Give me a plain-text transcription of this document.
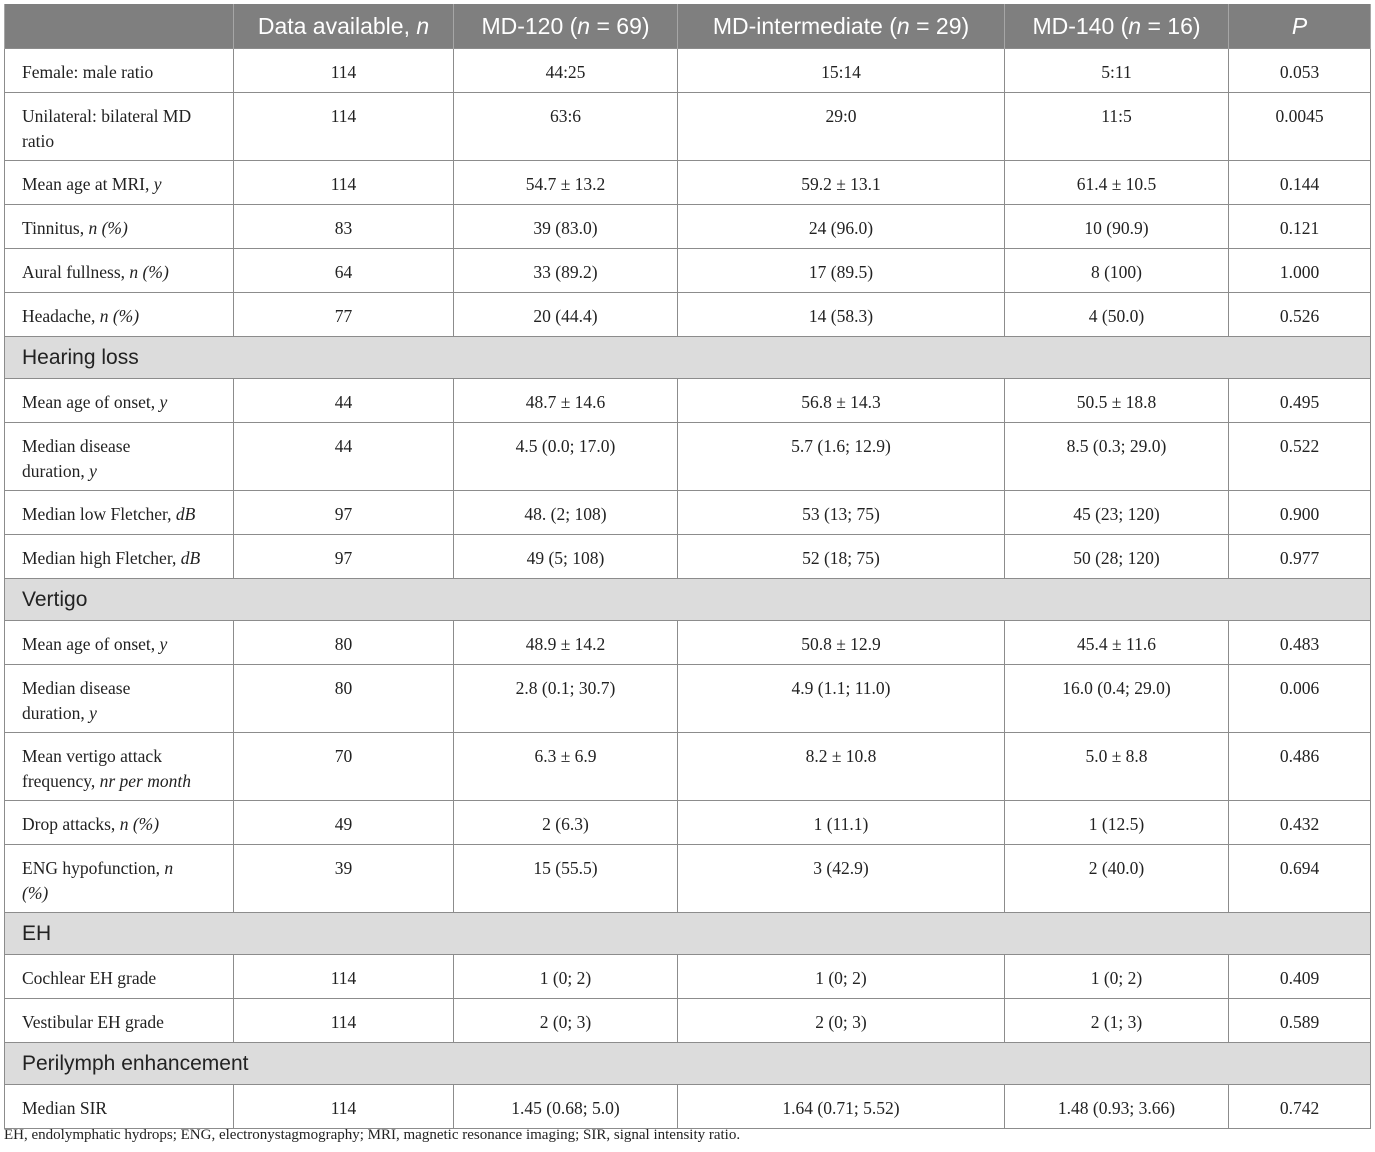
	Data available, n	MD-120 (n = 69)	MD-intermediate (n = 29)	MD-140 (n = 16)	P
Female: male ratio	114	44:25	15:14	5:11	0.053
Unilateral: bilateral MD
ratio	114	63:6	29:0	11:5	0.0045
Mean age at MRI, y	114	54.7 ± 13.2	59.2 ± 13.1	61.4 ± 10.5	0.144
Tinnitus, n (%)	83	39 (83.0)	24 (96.0)	10 (90.9)	0.121
Aural fullness, n (%)	64	33 (89.2)	17 (89.5)	8 (100)	1.000
Headache, n (%)	77	20 (44.4)	14 (58.3)	4 (50.0)	0.526
Hearing loss					
Mean age of onset, y	44	48.7 ± 14.6	56.8 ± 14.3	50.5 ± 18.8	0.495
Median disease
duration, y	44	4.5 (0.0; 17.0)	5.7 (1.6; 12.9)	8.5 (0.3; 29.0)	0.522
Median low Fletcher, dB	97	48. (2; 108)	53 (13; 75)	45 (23; 120)	0.900
Median high Fletcher, dB	97	49 (5; 108)	52 (18; 75)	50 (28; 120)	0.977
Vertigo					
Mean age of onset, y	80	48.9 ± 14.2	50.8 ± 12.9	45.4 ± 11.6	0.483
Median disease
duration, y	80	2.8 (0.1; 30.7)	4.9 (1.1; 11.0)	16.0 (0.4; 29.0)	0.006
Mean vertigo attack
frequency, nr per month	70	6.3 ± 6.9	8.2 ± 10.8	5.0 ± 8.8	0.486
Drop attacks, n (%)	49	2 (6.3)	1 (11.1)	1 (12.5)	0.432
ENG hypofunction, n
(%)	39	15 (55.5)	3 (42.9)	2 (40.0)	0.694
EH					
Cochlear EH grade	114	1 (0; 2)	1 (0; 2)	1 (0; 2)	0.409
Vestibular EH grade	114	2 (0; 3)	2 (0; 3)	2 (1; 3)	0.589
Perilymph enhancement					
Median SIR	114	1.45 (0.68; 5.0)	1.64 (0.71; 5.52)	1.48 (0.93; 3.66)	0.742
EH, endolymphatic hydrops; ENG, electronystagmography; MRI, magnetic resonance imaging; SIR, signal intensity ratio.
